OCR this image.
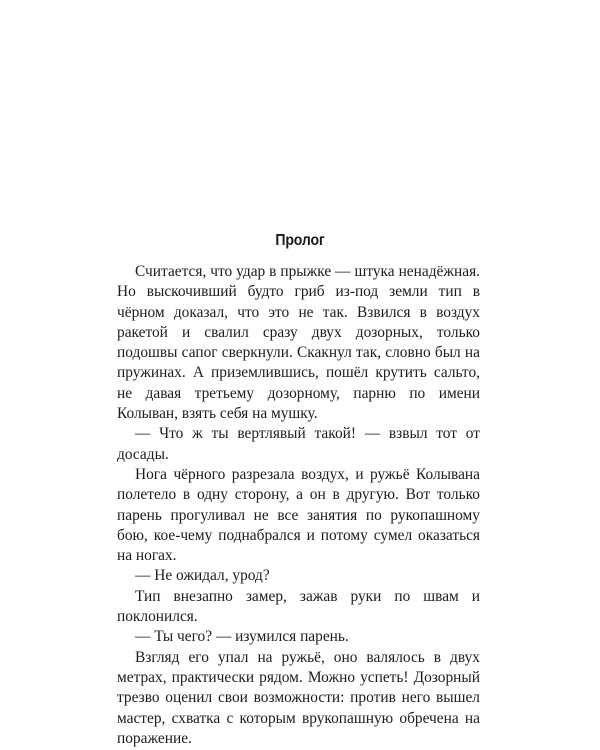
Пролог

Считается, что удар в прыжке — штука ненадёжная. Но выскочивший будто гриб из-под земли тип в чёрном доказал, что это не так. Взвился в воздух ракетой и свалил сразу двух дозорных, только подошвы сапог сверкнули. Скакнул так, словно был на пружинах. А приземлившись, пошёл крутить сальто, не давая третьему дозорному, парню по имени Колыван, взять себя на мушку.

— Что ж ты вертлявый такой! — взвыл тот от досады.

Нога чёрного разрезала воздух, и ружьё Колывана полетело в одну сторону, а он в другую. Вот только парень прогуливал не все занятия по рукопашному бою, кое-чему поднабрался и потому сумел оказаться на ногах.

— Не ожидал, урод?

Тип внезапно замер, зажав руки по швам и поклонился.

— Ты чего? — изумился парень.

Взгляд его упал на ружьё, оно валялось в двух метрах, практически рядом. Можно успеть! Дозорный трезво оценил свои возможности: против него вышел мастер, схватка с которым врукопашную обречена на поражение.
